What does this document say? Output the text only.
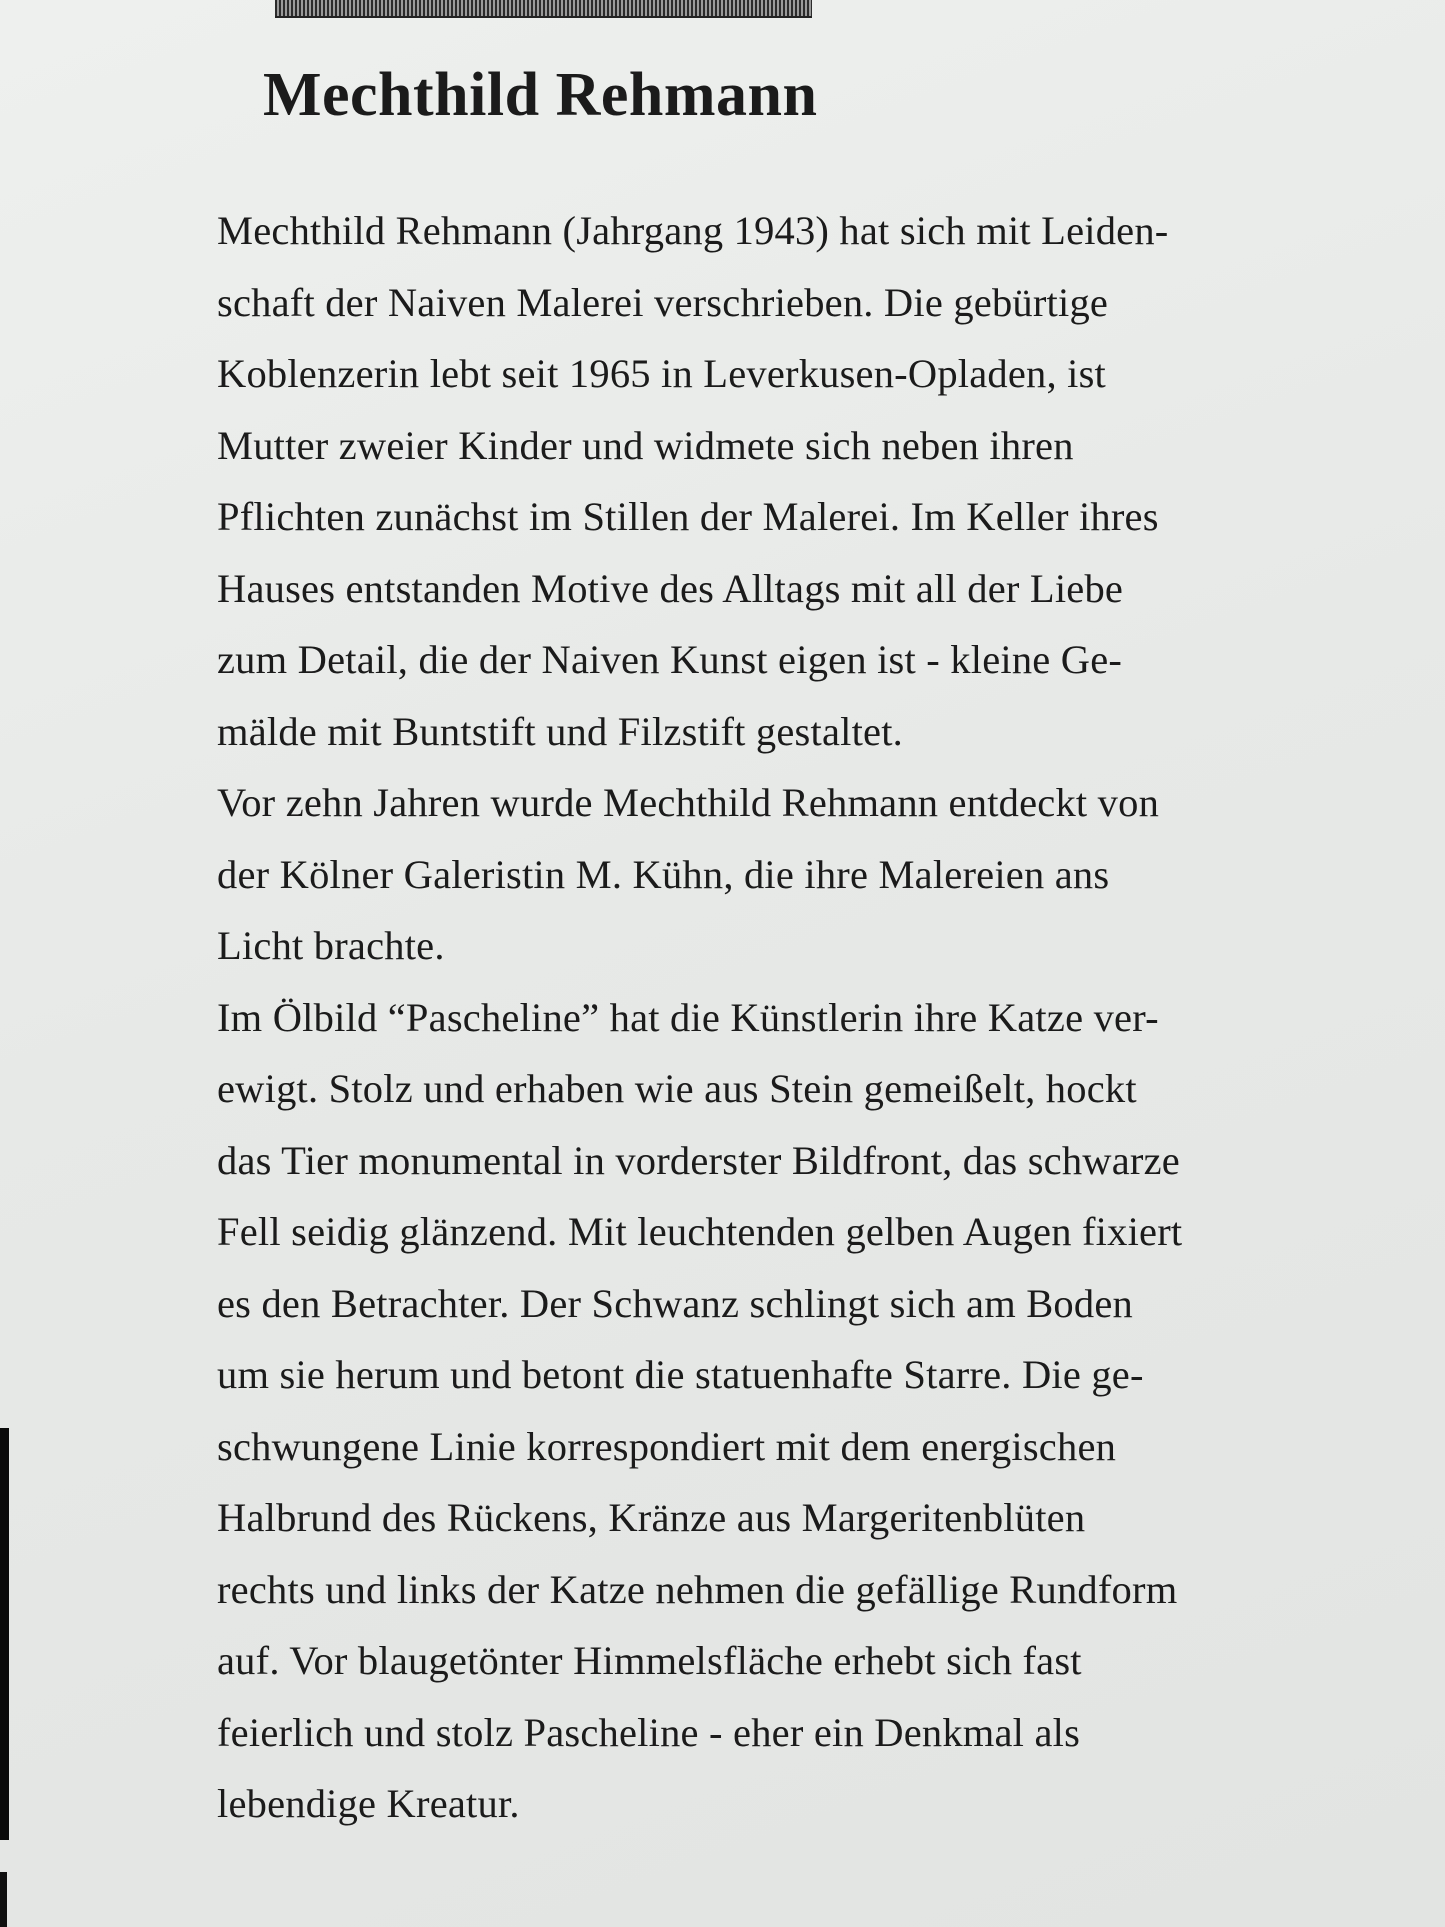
Mechthild Rehmann
Mechthild Rehmann (Jahrgang 1943) hat sich mit Leiden-
schaft der Naiven Malerei verschrieben. Die gebürtige
Koblenzerin lebt seit 1965 in Leverkusen-Opladen, ist
Mutter zweier Kinder und widmete sich neben ihren
Pflichten zunächst im Stillen der Malerei. Im Keller ihres
Hauses entstanden Motive des Alltags mit all der Liebe
zum Detail, die der Naiven Kunst eigen ist - kleine Ge-
mälde mit Buntstift und Filzstift gestaltet.
Vor zehn Jahren wurde Mechthild Rehmann entdeckt von
der Kölner Galeristin M. Kühn, die ihre Malereien ans
Licht brachte.
Im Ölbild “Pascheline” hat die Künstlerin ihre Katze ver-
ewigt. Stolz und erhaben wie aus Stein gemeißelt, hockt
das Tier monumental in vorderster Bildfront, das schwarze
Fell seidig glänzend. Mit leuchtenden gelben Augen fixiert
es den Betrachter. Der Schwanz schlingt sich am Boden
um sie herum und betont die statuenhafte Starre. Die ge-
schwungene Linie korrespondiert mit dem energischen
Halbrund des Rückens, Kränze aus Margeritenblüten
rechts und links der Katze nehmen die gefällige Rundform
auf. Vor blaugetönter Himmelsfläche erhebt sich fast
feierlich und stolz Pascheline - eher ein Denkmal als
lebendige Kreatur.
